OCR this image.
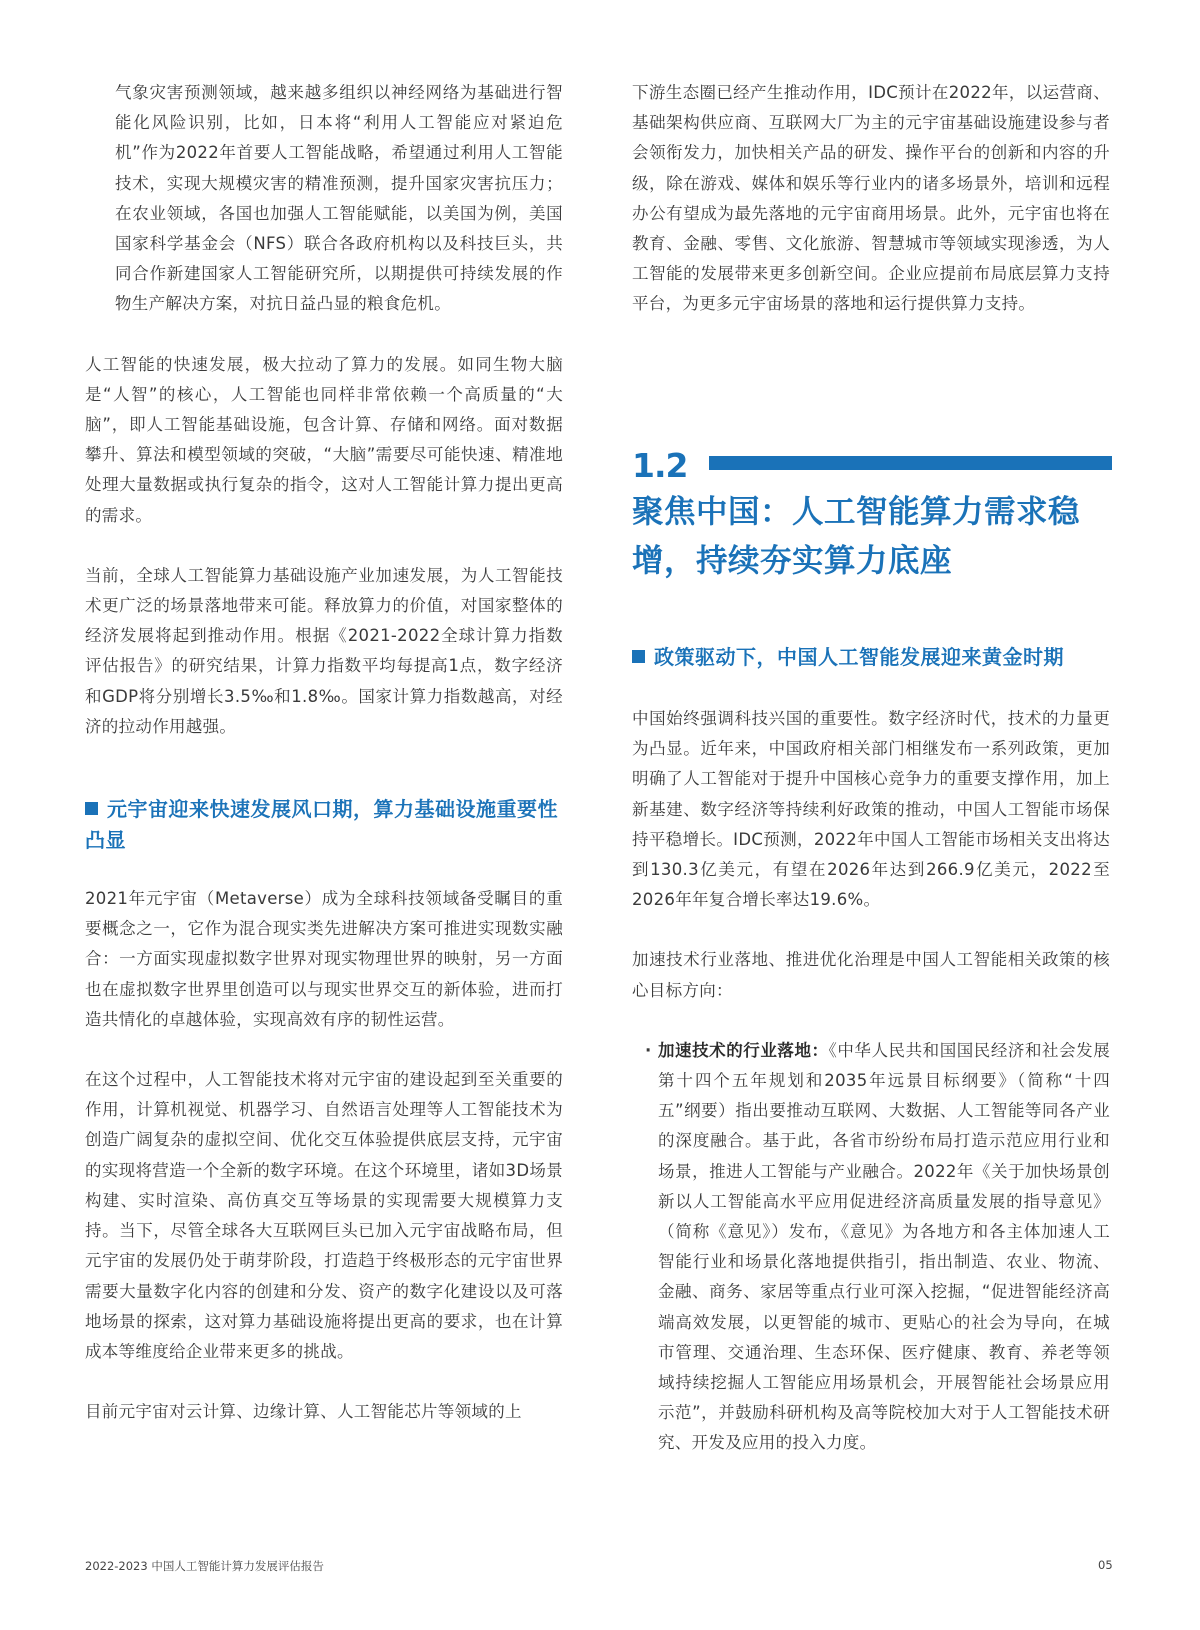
气象灾害预测领域，越来越多组织以神经网络为基础进行智能化风险识别，比如，日本将“利用人工智能应对紧迫危机”作为2022年首要人工智能战略，希望通过利用人工智能技术，实现大规模灾害的精准预测，提升国家灾害抗压力；在农业领域，各国也加强人工智能赋能，以美国为例，美国国家科学基金会（NFS）联合各政府机构以及科技巨头，共同合作新建国家人工智能研究所，以期提供可持续发展的作物生产解决方案，对抗日益凸显的粮食危机。

人工智能的快速发展，极大拉动了算力的发展。如同生物大脑是“人智”的核心，人工智能也同样非常依赖一个高质量的“大脑”，即人工智能基础设施，包含计算、存储和网络。面对数据攀升、算法和模型领域的突破，“大脑”需要尽可能快速、精准地处理大量数据或执行复杂的指令，这对人工智能计算力提出更高的需求。

当前，全球人工智能算力基础设施产业加速发展，为人工智能技术更广泛的场景落地带来可能。释放算力的价值，对国家整体的经济发展将起到推动作用。根据《2021-2022全球计算力指数评估报告》的研究结果，计算力指数平均每提高1点，数字经济和GDP将分别增长3.5‰和1.8‰。国家计算力指数越高，对经济的拉动作用越强。

元宇宙迎来快速发展风口期，算力基础设施重要性凸显

2021年元宇宙（Metaverse）成为全球科技领域备受瞩目的重要概念之一，它作为混合现实类先进解决方案可推进实现数实融合：一方面实现虚拟数字世界对现实物理世界的映射，另一方面也在虚拟数字世界里创造可以与现实世界交互的新体验，进而打造共情化的卓越体验，实现高效有序的韧性运营。

在这个过程中，人工智能技术将对元宇宙的建设起到至关重要的作用，计算机视觉、机器学习、自然语言处理等人工智能技术为创造广阔复杂的虚拟空间、优化交互体验提供底层支持，元宇宙的实现将营造一个全新的数字环境。在这个环境里，诸如3D场景构建、实时渲染、高仿真交互等场景的实现需要大规模算力支持。当下，尽管全球各大互联网巨头已加入元宇宙战略布局，但元宇宙的发展仍处于萌芽阶段，打造趋于终极形态的元宇宙世界需要大量数字化内容的创建和分发、资产的数字化建设以及可落地场景的探索，这对算力基础设施将提出更高的要求，也在计算成本等维度给企业带来更多的挑战。

目前元宇宙对云计算、边缘计算、人工智能芯片等领域的上

下游生态圈已经产生推动作用，IDC预计在2022年，以运营商、基础架构供应商、互联网大厂为主的元宇宙基础设施建设参与者会领衔发力，加快相关产品的研发、操作平台的创新和内容的升级，除在游戏、媒体和娱乐等行业内的诸多场景外，培训和远程办公有望成为最先落地的元宇宙商用场景。此外，元宇宙也将在教育、金融、零售、文化旅游、智慧城市等领域实现渗透，为人工智能的发展带来更多创新空间。企业应提前布局底层算力支持平台，为更多元宇宙场景的落地和运行提供算力支持。

1.2
聚焦中国：人工智能算力需求稳增，持续夯实算力底座
政策驱动下，中国人工智能发展迎来黄金时期

中国始终强调科技兴国的重要性。数字经济时代，技术的力量更为凸显。近年来，中国政府相关部门相继发布一系列政策，更加明确了人工智能对于提升中国核心竞争力的重要支撑作用，加上新基建、数字经济等持续利好政策的推动，中国人工智能市场保持平稳增长。IDC预测，2022年中国人工智能市场相关支出将达到130.3亿美元，有望在2026年达到266.9亿美元，2022至2026年年复合增长率达19.6%。

加速技术行业落地、推进优化治理是中国人工智能相关政策的核心目标方向：

· 加速技术的行业落地：《中华人民共和国国民经济和社会发展第十四个五年规划和2035年远景目标纲要》（简称“十四五”纲要）指出要推动互联网、大数据、人工智能等同各产业的深度融合。基于此，各省市纷纷布局打造示范应用行业和场景，推进人工智能与产业融合。2022年《关于加快场景创新以人工智能高水平应用促进经济高质量发展的指导意见》（简称《意见》）发布，《意见》为各地方和各主体加速人工智能行业和场景化落地提供指引，指出制造、农业、物流、金融、商务、家居等重点行业可深入挖掘，“促进智能经济高端高效发展，以更智能的城市、更贴心的社会为导向，在城市管理、交通治理、生态环保、医疗健康、教育、养老等领域持续挖掘人工智能应用场景机会，开展智能社会场景应用示范”，并鼓励科研机构及高等院校加大对于人工智能技术研究、开发及应用的投入力度。

2022-2023 中国人工智能计算力发展评估报告	05
